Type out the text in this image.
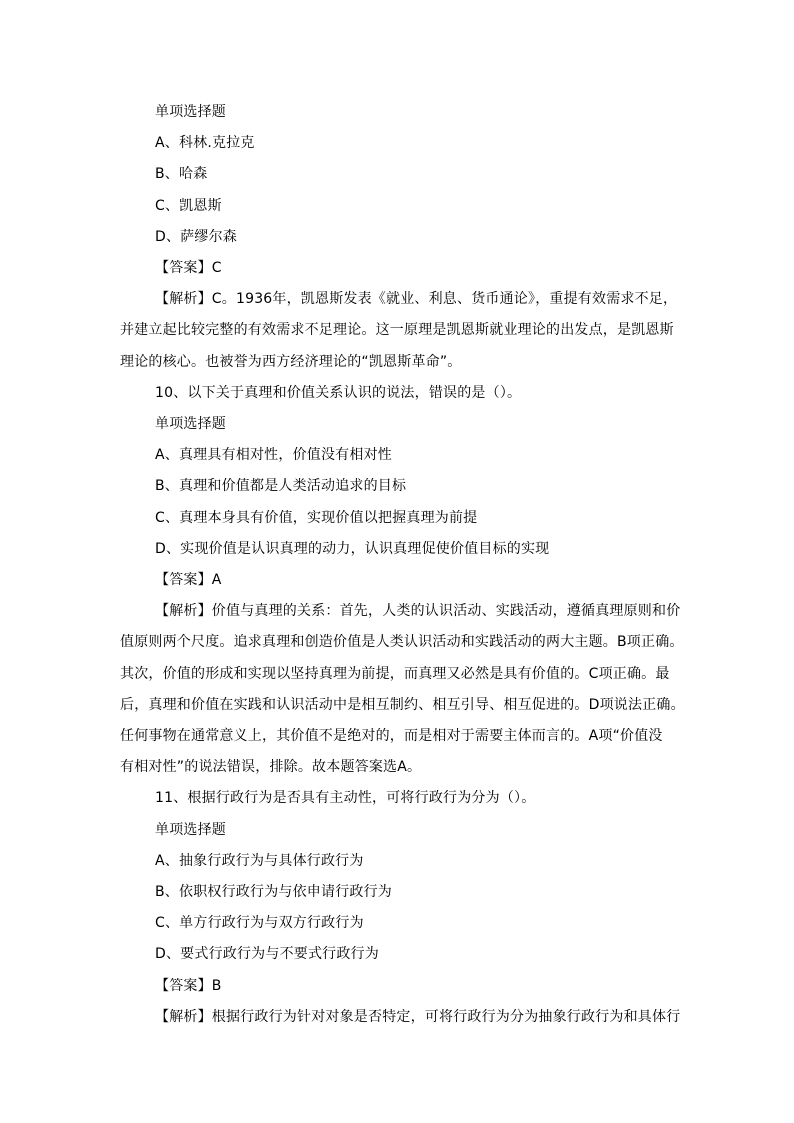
单项选择题
A、科林.克拉克
B、哈森
C、凯恩斯
D、萨缪尔森
【答案】C
【解析】C。1936年，凯恩斯发表《就业、利息、货币通论》，重提有效需求不足，
并建立起比较完整的有效需求不足理论。这一原理是凯恩斯就业理论的出发点，是凯恩斯
理论的核心。也被誉为西方经济理论的“凯恩斯革命”。
10、以下关于真理和价值关系认识的说法，错误的是（）。
单项选择题
A、真理具有相对性，价值没有相对性
B、真理和价值都是人类活动追求的目标
C、真理本身具有价值，实现价值以把握真理为前提
D、实现价值是认识真理的动力，认识真理促使价值目标的实现
【答案】A
【解析】价值与真理的关系：首先，人类的认识活动、实践活动，遵循真理原则和价
值原则两个尺度。追求真理和创造价值是人类认识活动和实践活动的两大主题。B项正确。
其次，价值的形成和实现以坚持真理为前提，而真理又必然是具有价值的。C项正确。最
后，真理和价值在实践和认识活动中是相互制约、相互引导、相互促进的。D项说法正确。
任何事物在通常意义上，其价值不是绝对的，而是相对于需要主体而言的。A项“价值没
有相对性”的说法错误，排除。故本题答案选A。
11、根据行政行为是否具有主动性，可将行政行为分为（）。
单项选择题
A、抽象行政行为与具体行政行为
B、依职权行政行为与依申请行政行为
C、单方行政行为与双方行政行为
D、要式行政行为与不要式行政行为
【答案】B
【解析】根据行政行为针对对象是否特定，可将行政行为分为抽象行政行为和具体行
